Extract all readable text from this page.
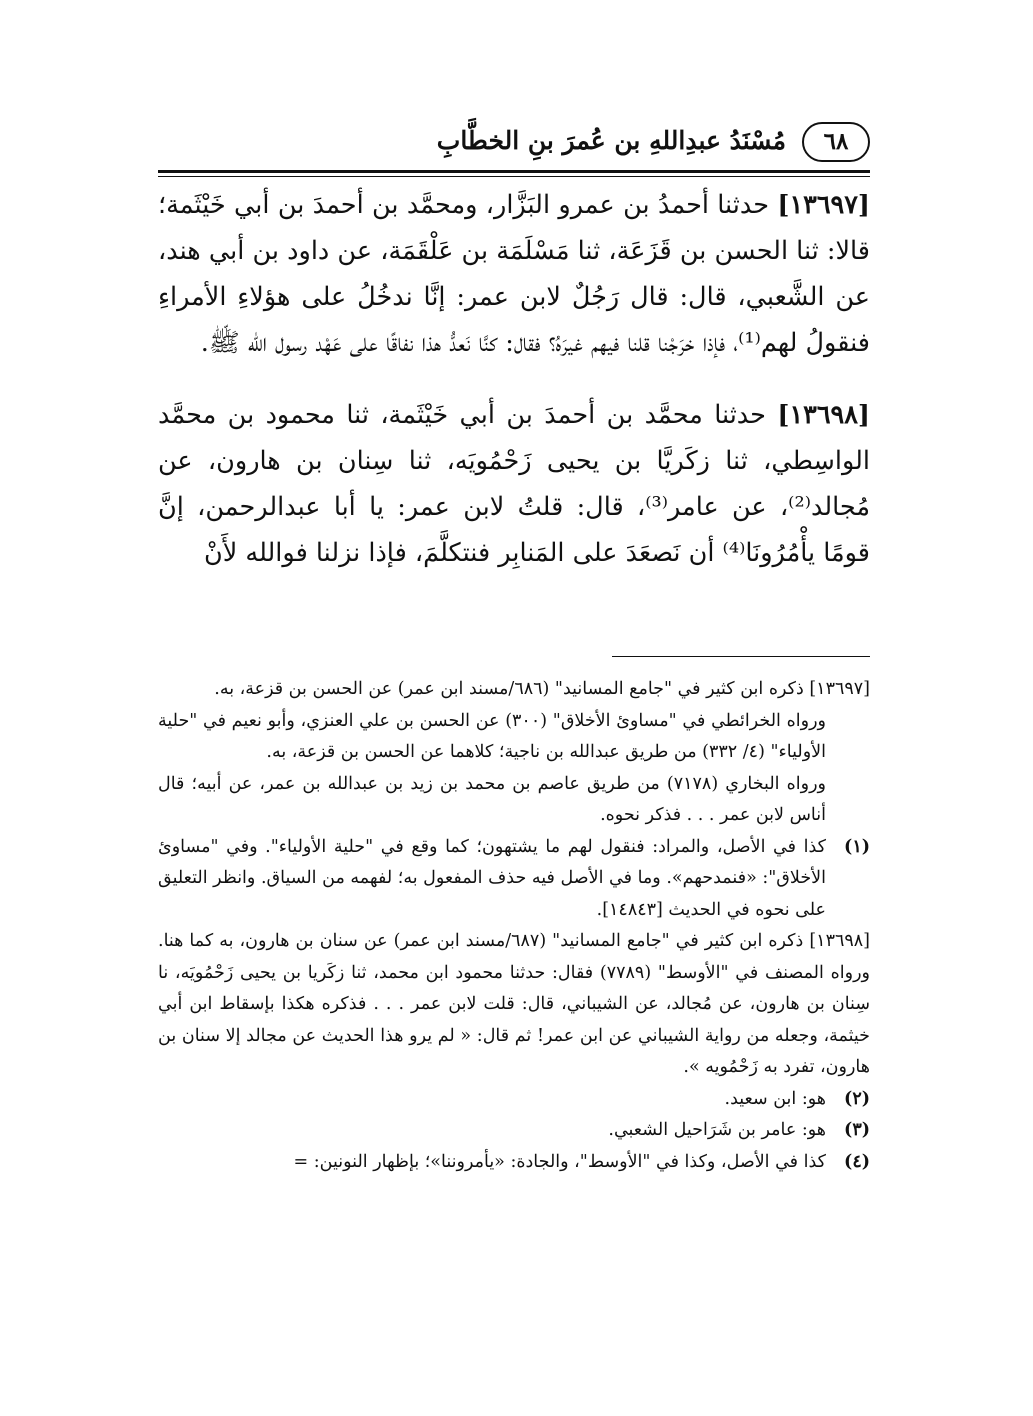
٦٨
مُسْنَدُ عبدِاللهِ بن عُمرَ بنِ الخطَّابِ

[١٣٦٩٧] حدثنا أحمدُ بن عمرو البَزَّار، ومحمَّد بن أحمدَ بن أبي خَيْثَمة؛ قالا: ثنا الحسن بن قَزَعَة، ثنا مَسْلَمَة بن عَلْقَمَة، عن داود بن أبي هند، عن الشَّعبي، قال: قال رَجُلٌ لابن عمر: إنَّا ندخُلُ على هؤلاءِ الأمراءِ فنقولُ لهم⁽¹⁾، فإذا خرَجْنا قلنا فيهم غيرَهُ؟ فقال: كنَّا نَعدُّ هذا نفاقًا على عَهْد رسول الله ﷺ.

[١٣٦٩٨] حدثنا محمَّد بن أحمدَ بن أبي خَيْثَمة، ثنا محمود بن محمَّد الواسِطي، ثنا زكَريَّا بن يحيى زَحْمُويَه، ثنا سِنان بن هارون، عن مُجالد⁽²⁾، عن عامر⁽³⁾، قال: قلتُ لابن عمر: يا أبا عبدالرحمن، إنَّ قومًا يأْمُرُونَا⁽⁴⁾ أن نَصعَدَ على المَنابِر فنتكلَّمَ، فإذا نزلنا فوالله لأَنْ

[١٣٦٩٧] ذكره ابن كثير في "جامع المسانيد" (٦٨٦/مسند ابن عمر) عن الحسن بن قزعة، به.

ورواه الخرائطي في "مساوئ الأخلاق" (٣٠٠) عن الحسن بن علي العنزي، وأبو نعيم في "حلية الأولياء" (٤/ ٣٣٢) من طريق عبدالله بن ناجية؛ كلاهما عن الحسن بن قزعة، به.

ورواه البخاري (٧١٧٨) من طريق عاصم بن محمد بن زيد بن عبدالله بن عمر، عن أبيه؛ قال أناس لابن عمر . . . فذكر نحوه.

(١)
كذا في الأصل، والمراد: فنقول لهم ما يشتهون؛ كما وقع في "حلية الأولياء". وفي "مساوئ الأخلاق": «فنمدحهم». وما في الأصل فيه حذف المفعول به؛ لفهمه من السياق. وانظر التعليق على نحوه في الحديث [١٤٨٤٣].

[١٣٦٩٨] ذكره ابن كثير في "جامع المسانيد" (٦٨٧/مسند ابن عمر) عن سنان بن هارون، به كما هنا. ورواه المصنف في "الأوسط" (٧٧٨٩) فقال: حدثنا محمود ابن محمد، ثنا زكَريا بن يحيى زَحْمُويَه، نا سِنان بن هارون، عن مُجالد، عن الشيباني، قال: قلت لابن عمر . . . فذكره هكذا بإسقاط ابن أبي خيثمة، وجعله من رواية الشيباني عن ابن عمر! ثم قال: « لم يرو هذا الحديث عن مجالد إلا سنان بن هارون، تفرد به زَحْمُويه ».

(٢)
هو: ابن سعيد.

(٣)
هو: عامر بن شَرَاحيل الشعبي.

(٤)
كذا في الأصل، وكذا في "الأوسط"، والجادة: «يأمروننا»؛ بإظهار النونين: =
